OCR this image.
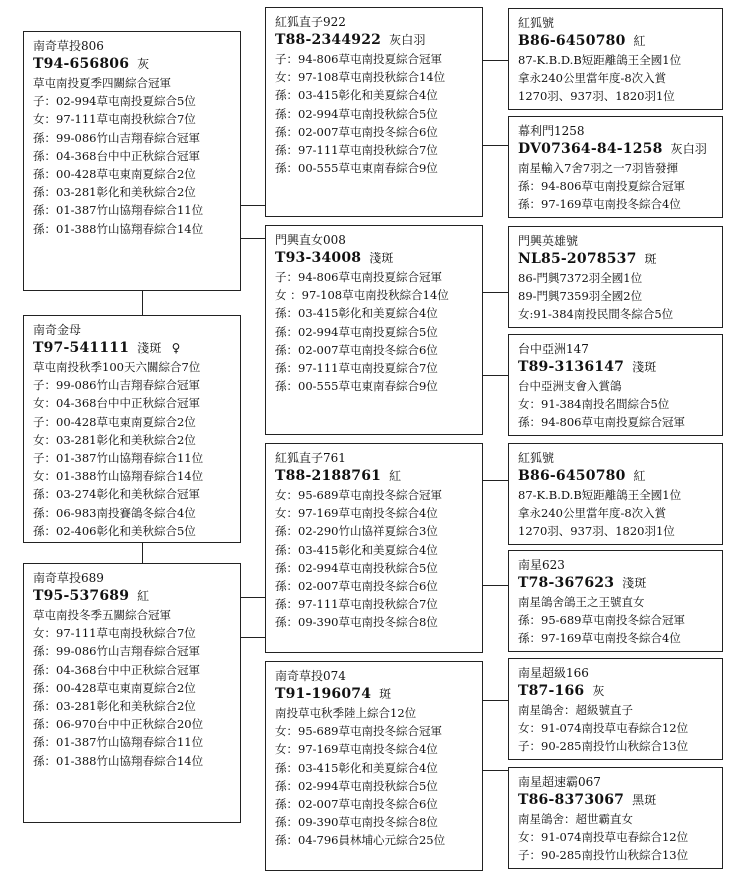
南奇草投806
T94-656806 灰
草屯南投夏季四關綜合冠軍
子：02-994草屯南投夏綜合5位
女：97-111草屯南投秋綜合7位
孫：99-086竹山吉翔春綜合冠軍
孫：04-368台中中正秋綜合冠軍
孫：00-428草屯東南夏綜合2位
孫：03-281彰化和美秋綜合2位
孫：01-387竹山協翔春綜合11位
孫：01-388竹山協翔春綜合14位
南奇金母
T97-541111 淺斑 ♀
草屯南投秋季100天六關綜合7位
子：99-086竹山吉翔春綜合冠軍
女：04-368台中中正秋綜合冠軍
子：00-428草屯東南夏綜合2位
女：03-281彰化和美秋綜合2位
子：01-387竹山協翔春綜合11位
女：01-388竹山協翔春綜合14位
孫：03-274彰化和美秋綜合冠軍
孫：06-983南投賽鴿冬綜合4位
孫：02-406彰化和美秋綜合5位
南奇草投689
T95-537689 紅
草屯南投冬季五關綜合冠軍
女：97-111草屯南投秋綜合7位
孫：99-086竹山吉翔春綜合冠軍
孫：04-368台中中正秋綜合冠軍
孫：00-428草屯東南夏綜合2位
孫：03-281彰化和美秋綜合2位
孫：06-970台中中正秋綜合20位
孫：01-387竹山協翔春綜合11位
孫：01-388竹山協翔春綜合14位
紅狐直子922
T88-2344922 灰白羽
子：94-806草屯南投夏綜合冠軍
女：97-108草屯南投秋綜合14位
孫：03-415彰化和美夏綜合4位
孫：02-994草屯南投秋綜合5位
孫：02-007草屯南投冬綜合6位
孫：97-111草屯南投秋綜合7位
孫：00-555草屯東南春綜合9位
門興直女008
T93-34008 淺斑
子：94-806草屯南投夏綜合冠軍
女 ：97-108草屯南投秋綜合14位
孫：03-415彰化和美夏綜合4位
孫：02-994草屯南投夏綜合5位
孫：02-007草屯南投冬綜合6位
孫：97-111草屯南投夏綜合7位
孫：00-555草屯東南春綜合9位
紅狐直子761
T88-2188761 紅
女：95-689草屯南投冬綜合冠軍
女：97-169草屯南投冬綜合4位
孫：02-290竹山協祥夏綜合3位
孫：03-415彰化和美夏綜合4位
孫：02-994草屯南投秋綜合5位
孫：02-007草屯南投冬綜合6位
孫：97-111草屯南投秋綜合7位
孫：09-390草屯南投冬綜合8位
南奇草投074
T91-196074 斑
南投草屯秋季陸上綜合12位
女：95-689草屯南投冬綜合冠軍
女：97-169草屯南投冬綜合4位
孫：03-415彰化和美夏綜合4位
孫：02-994草屯南投秋綜合5位
孫：02-007草屯南投冬綜合6位
孫：09-390草屯南投冬綜合8位
孫：04-796員林埔心元綜合25位
紅狐號
B86-6450780 紅
87-K.B.D.B短距離鴿王全國1位
拿永240公里當年度-8次入賞
1270羽、937羽、1820羽1位
幕利門1258
DV07364-84-1258 灰白羽
南星輸入7舍7羽之一7羽皆發揮
孫：94-806草屯南投夏綜合冠軍
孫：97-169草屯南投冬綜合4位
門興英雄號
NL85-2078537 斑
86-門興7372羽全國1位
89-門興7359羽全國2位
女:91-384南投民間冬綜合5位
台中亞洲147
T89-3136147 淺斑
台中亞洲支會入賞鴿
女：91-384南投名間綜合5位
孫：94-806草屯南投夏綜合冠軍
紅狐號
B86-6450780 紅
87-K.B.D.B短距離鴿王全國1位
拿永240公里當年度-8次入賞
1270羽、937羽、1820羽1位
南星623
T78-367623 淺斑
南星鴿舍鴿王之王號直女
孫：95-689草屯南投冬綜合冠軍
孫：97-169草屯南投冬綜合4位
南星超級166
T87-166 灰
南星鴿舍：超級號直子
女：91-074南投草屯春綜合12位
子：90-285南投竹山秋綜合13位
南星超速霸067
T86-8373067 黑斑
南星鴿舍：超世霸直女
女：91-074南投草屯春綜合12位
子：90-285南投竹山秋綜合13位
